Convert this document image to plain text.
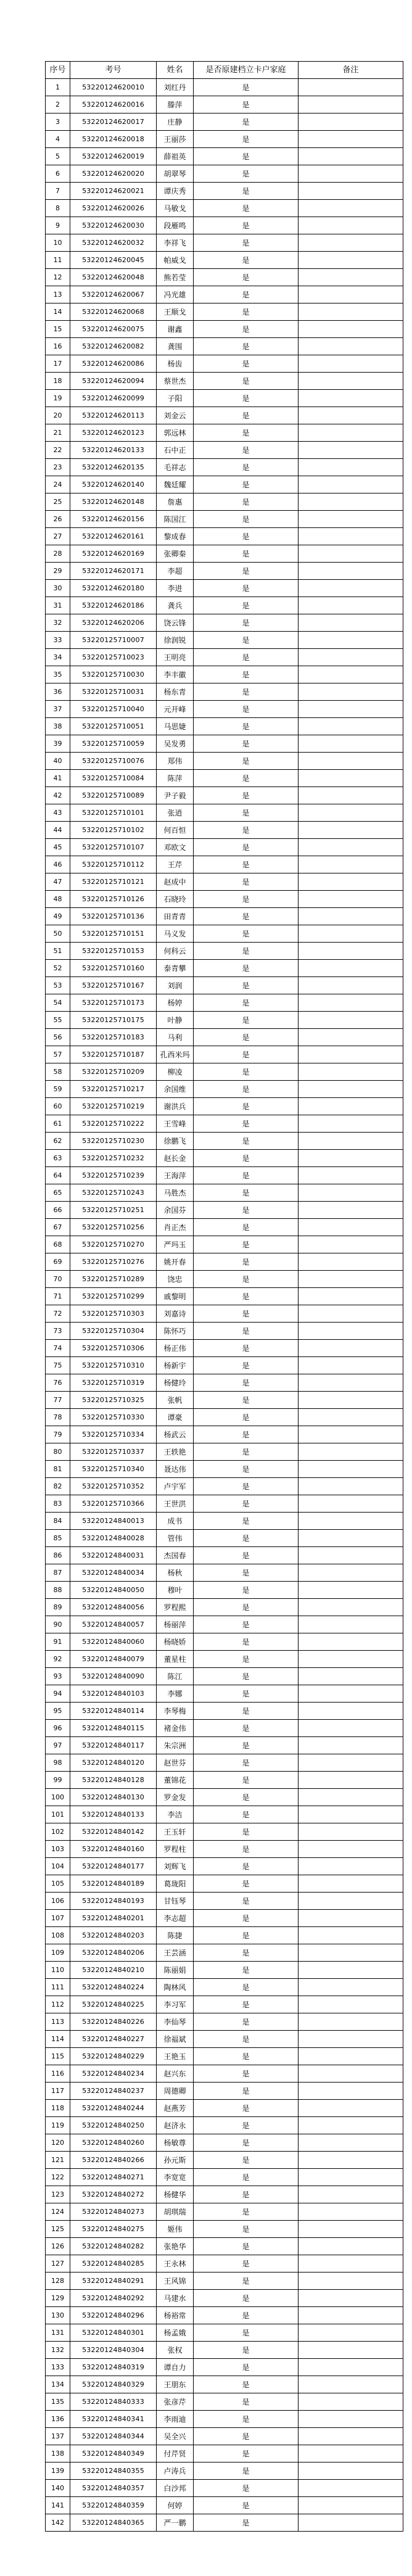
序号	考号	姓名	是否原建档立卡户家庭	备注
1	53220124620010	刘红丹	是	
2	53220124620016	滕萍	是	
3	53220124620017	庄静	是	
4	53220124620018	王丽莎	是	
5	53220124620019	薛祖英	是	
6	53220124620020	胡翠琴	是	
7	53220124620021	谭庆秀	是	
8	53220124620026	马敏戈	是	
9	53220124620030	段雁鸣	是	
10	53220124620032	李祥飞	是	
11	53220124620045	帕威戈	是	
12	53220124620048	熊若莹	是	
13	53220124620067	冯光雄	是	
14	53220124620068	王顺戈	是	
15	53220124620075	谢鑫	是	
16	53220124620082	龚围	是	
17	53220124620086	杨齿	是	
18	53220124620094	蔡世杰	是	
19	53220124620099	子阳	是	
20	53220124620113	刘金云	是	
21	53220124620123	郭远林	是	
22	53220124620133	石中正	是	
23	53220124620135	毛祥志	是	
24	53220124620140	魏廷耀	是	
25	53220124620148	詹惠	是	
26	53220124620156	陈国江	是	
27	53220124620161	黎成春	是	
28	53220124620169	张卿秦	是	
29	53220124620171	李超	是	
30	53220124620180	李进	是	
31	53220124620186	龚兵	是	
32	53220124620206	饶云锋	是	
33	53220125710007	徐润锐	是	
34	53220125710023	王明亮	是	
35	53220125710030	李丰徽	是	
36	53220125710031	杨东青	是	
37	53220125710040	元开峰	是	
38	53220125710051	马思婕	是	
39	53220125710059	吴发勇	是	
40	53220125710076	郑伟	是	
41	53220125710084	陈萍	是	
42	53220125710089	尹子毅	是	
43	53220125710101	张逍	是	
44	53220125710102	何百恒	是	
45	53220125710107	邓欧文	是	
46	53220125710112	王芹	是	
47	53220125710121	赵成中	是	
48	53220125710126	石晓玲	是	
49	53220125710136	田青青	是	
50	53220125710151	马义发	是	
51	53220125710153	何科云	是	
52	53220125710160	泰青攀	是	
53	53220125710167	刘润	是	
54	53220125710173	杨婷	是	
55	53220125710175	叶静	是	
56	53220125710183	马利	是	
57	53220125710187	孔西米玛	是	
58	53220125710209	柳凌	是	
59	53220125710217	余国维	是	
60	53220125710219	谢洪兵	是	
61	53220125710222	王雪峰	是	
62	53220125710230	徐鹏飞	是	
63	53220125710232	赵长金	是	
64	53220125710239	王海萍	是	
65	53220125710243	马胜杰	是	
66	53220125710251	余国芬	是	
67	53220125710256	肖正杰	是	
68	53220125710270	严玛玉	是	
69	53220125710276	姚开春	是	
70	53220125710289	饶忠	是	
71	53220125710299	戚黎明	是	
72	53220125710303	刘嘉诗	是	
73	53220125710304	陈怀巧	是	
74	53220125710306	杨正伟	是	
75	53220125710310	杨新宇	是	
76	53220125710319	杨健玲	是	
77	53220125710325	张帆	是	
78	53220125710330	谭豪	是	
79	53220125710334	杨武云	是	
80	53220125710337	王轶艳	是	
81	53220125710340	聂达伟	是	
82	53220125710352	卢宇军	是	
83	53220125710366	王世洪	是	
84	53220124840013	成书	是	
85	53220124840028	管伟	是	
86	53220124840031	杰国春	是	
87	53220124840034	杨秋	是	
88	53220124840050	穆叶	是	
89	53220124840056	罗程熙	是	
90	53220124840057	杨丽萍	是	
91	53220124840060	杨晓娇	是	
92	53220124840079	董星柱	是	
93	53220124840090	陈江	是	
94	53220124840103	李娜	是	
95	53220124840114	李琴梅	是	
96	53220124840115	褚金伟	是	
97	53220124840117	朱宗洲	是	
98	53220124840120	赵世芬	是	
99	53220124840128	董锦花	是	
100	53220124840130	罗金发	是	
101	53220124840133	李洁	是	
102	53220124840142	王玉轩	是	
103	53220124840160	罗程柱	是	
104	53220124840177	刘辉飞	是	
105	53220124840189	葛珑阳	是	
106	53220124840193	甘钰琴	是	
107	53220124840201	李志超	是	
108	53220124840203	陈捷	是	
109	53220124840206	王芸涵	是	
110	53220124840210	陈丽娟	是	
111	53220124840224	陶林风	是	
112	53220124840225	李习军	是	
113	53220124840226	李仙琴	是	
114	53220124840227	徐福斌	是	
115	53220124840229	王艳玉	是	
116	53220124840234	赵兴东	是	
117	53220124840237	周德卿	是	
118	53220124840244	赵燕芳	是	
119	53220124840250	赵济永	是	
120	53220124840260	杨敏尊	是	
121	53220124840266	孙元斯	是	
122	53220124840271	李宽宽	是	
123	53220124840272	杨健华	是	
124	53220124840273	胡琪瑞	是	
125	53220124840275	姬伟	是	
126	53220124840282	张艳华	是	
127	53220124840285	王永林	是	
128	53220124840291	王风锦	是	
129	53220124840292	马建水	是	
130	53220124840296	杨裕常	是	
131	53220124840301	杨孟娥	是	
132	53220124840304	张权	是	
133	53220124840319	谭自力	是	
134	53220124840329	王朋东	是	
135	53220124840333	张彦芹	是	
136	53220124840341	李雨迪	是	
137	53220124840344	吴全兴	是	
138	53220124840349	付芹贤	是	
139	53220124840355	卢涛兵	是	
140	53220124840357	白沙邦	是	
141	53220124840359	何婷	是	
142	53220124840365	严一鹏	是	
